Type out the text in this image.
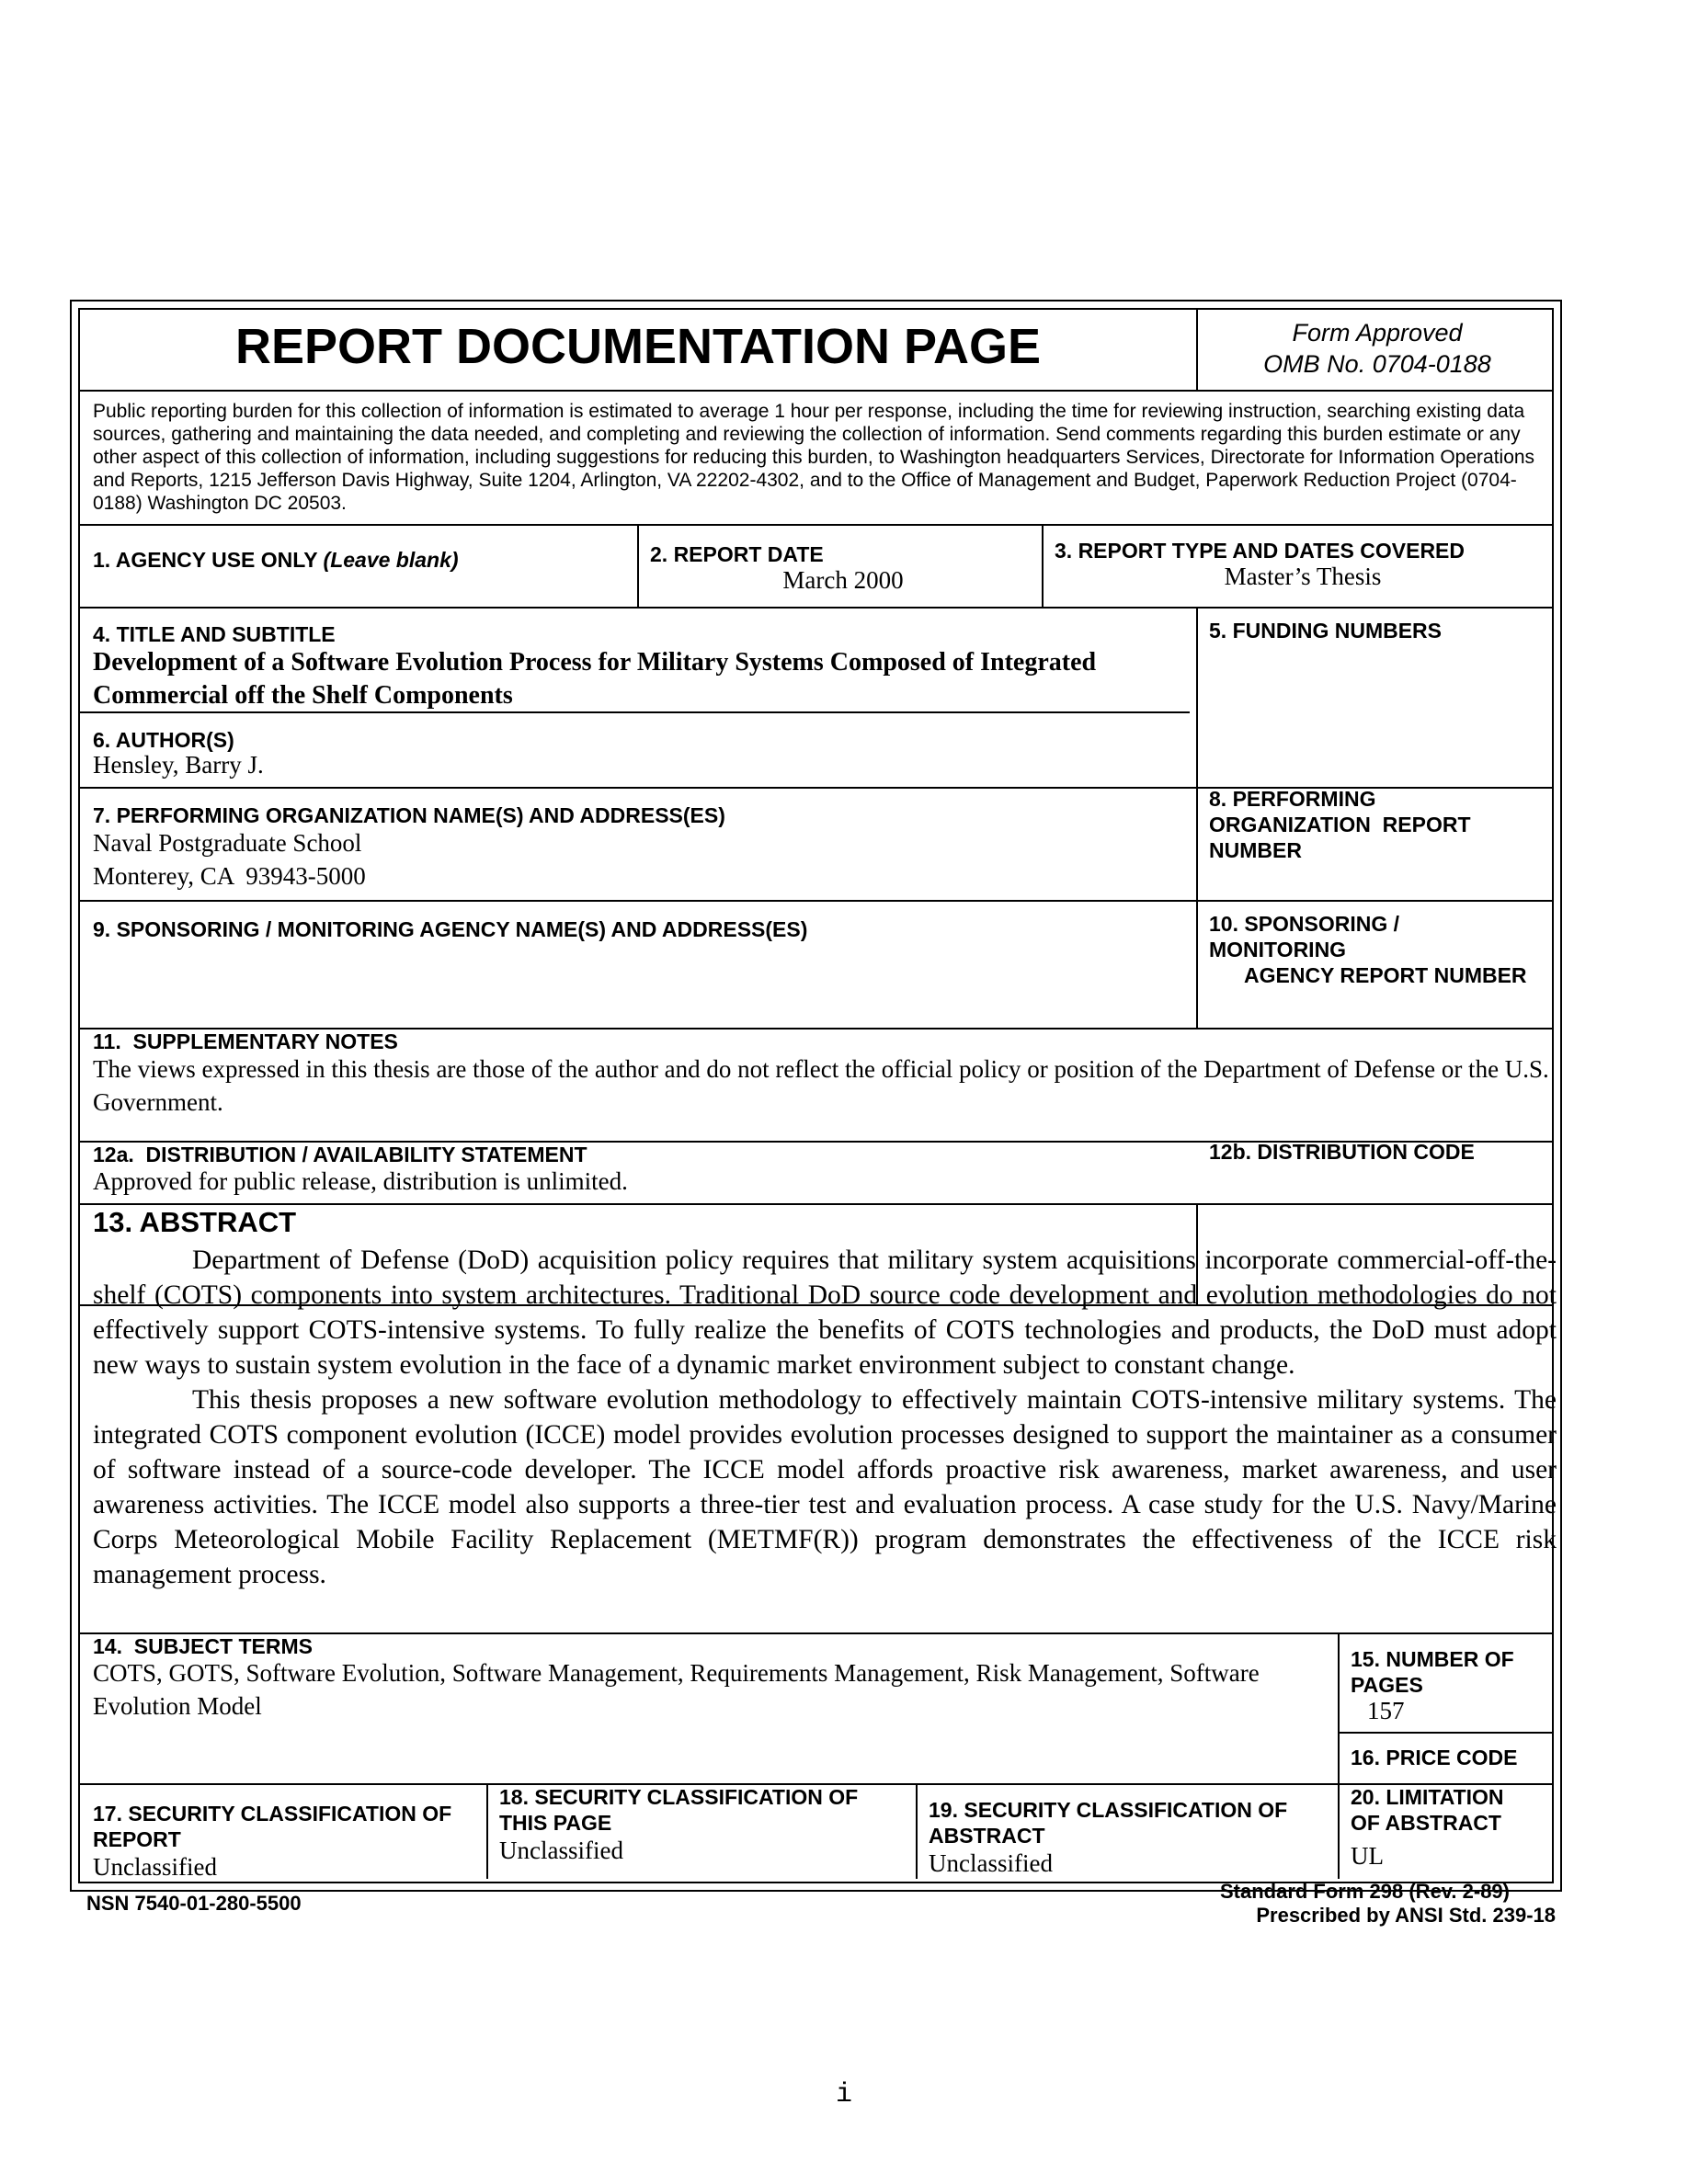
REPORT DOCUMENTATION PAGE	Form Approved
OMB No. 0704-0188
Public reporting burden for this collection of information is estimated to average 1 hour per response, including the time for reviewing instruction, searching existing data sources, gathering and maintaining the data needed, and completing and reviewing the collection of information. Send comments regarding this burden estimate or any other aspect of this collection of information, including suggestions for reducing this burden, to Washington headquarters Services, Directorate for Information Operations and Reports, 1215 Jefferson Davis Highway, Suite 1204, Arlington, VA 22202-4302, and to the Office of Management and Budget, Paperwork Reduction Project (0704-0188) Washington DC 20503.
1. AGENCY USE ONLY (Leave blank)	2. REPORT DATE
March 2000
3. REPORT TYPE AND DATES COVERED
Master’s Thesis
4. TITLE AND SUBTITLE
Development of a Software Evolution Process for Military Systems Composed of Integrated Commercial off the Shelf Components
5. FUNDING NUMBERS
6. AUTHOR(S)
Hensley, Barry J.
7. PERFORMING ORGANIZATION NAME(S) AND ADDRESS(ES)
Naval Postgraduate School
Monterey, CA  93943-5000
8. PERFORMING
ORGANIZATION  REPORT
NUMBER
9. SPONSORING / MONITORING AGENCY NAME(S) AND ADDRESS(ES)	10. SPONSORING /
MONITORING
AGENCY REPORT NUMBER
11.  SUPPLEMENTARY NOTES
The views expressed in this thesis are those of the author and do not reflect the official policy or position of the Department of Defense or the U.S. Government.
12a.  DISTRIBUTION / AVAILABILITY STATEMENT
Approved for public release, distribution is unlimited.
12b. DISTRIBUTION CODE
13. ABSTRACT

Department of Defense (DoD) acquisition policy requires that military system acquisitions incorporate commercial-off-the-shelf (COTS) components into system architectures. Traditional DoD source code development and evolution methodologies do not effectively support COTS-intensive systems. To fully realize the benefits of COTS technologies and products, the DoD must adopt new ways to sustain system evolution in the face of a dynamic market environment subject to constant change.

This thesis proposes a new software evolution methodology to effectively maintain COTS-intensive military systems. The integrated COTS component evolution (ICCE) model provides evolution processes designed to support the maintainer as a consumer of software instead of a source-code developer. The ICCE model affords proactive risk awareness, market awareness, and user awareness activities. The ICCE model also supports a three-tier test and evaluation process. A case study for the U.S. Navy/Marine Corps Meteorological Mobile Facility Replacement (METMF(R)) program demonstrates the effectiveness of the ICCE risk management process.

14.  SUBJECT TERMS
COTS, GOTS, Software Evolution, Software Management, Requirements Management, Risk Management, Software Evolution Model
15. NUMBER OF
PAGES
157
16. PRICE CODE
17. SECURITY CLASSIFICATION OF
REPORT
Unclassified
18. SECURITY CLASSIFICATION OF
THIS PAGE
Unclassified
19. SECURITY CLASSIFICATION OF
ABSTRACT
Unclassified
20. LIMITATION
OF ABSTRACT
UL
NSN 7540-01-280-5500
Standard Form 298 (Rev. 2-89)
Prescribed by ANSI Std. 239-18
i
